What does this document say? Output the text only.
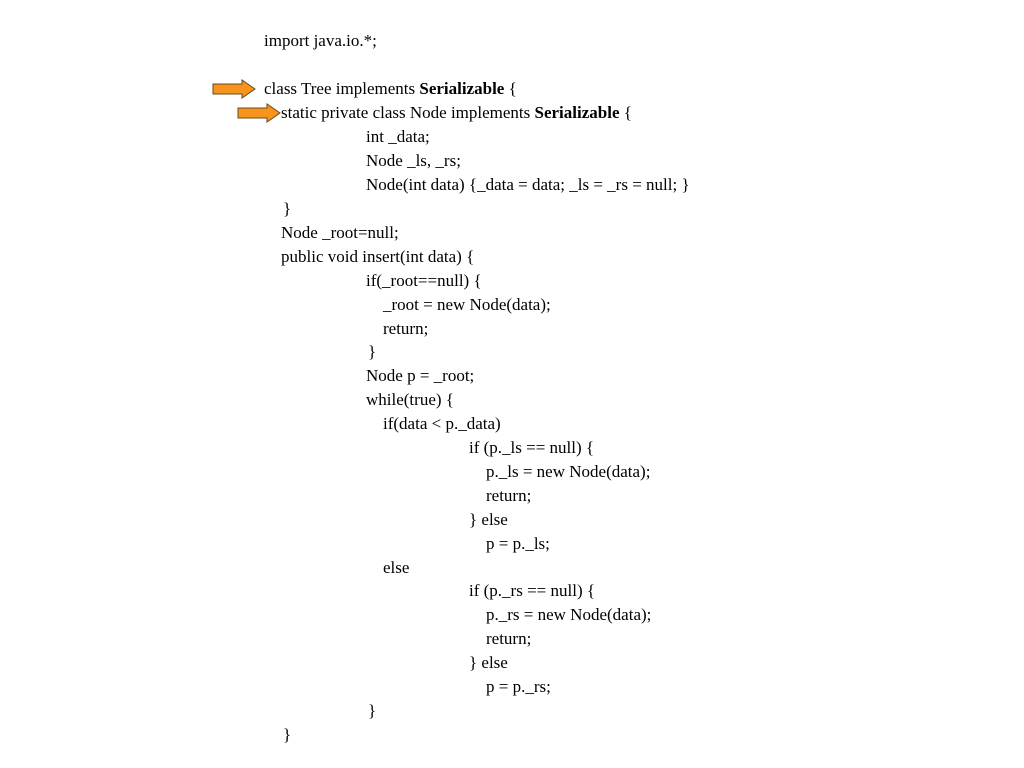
import java.io.*;
class Tree implements Serializable {
static private class Node implements Serializable {
int _data;
Node _ls, _rs;
Node(int data) {_data = data; _ls = _rs = null; }
}
Node _root=null;
public void insert(int data) {
if(_root==null) {
_root = new Node(data);
return;
}
Node p = _root;
while(true) {
if(data < p._data)
if (p._ls == null) {
p._ls = new Node(data);
return;
} else
p = p._ls;
else
if (p._rs == null) {
p._rs = new Node(data);
return;
} else
p = p._rs;
}
}
